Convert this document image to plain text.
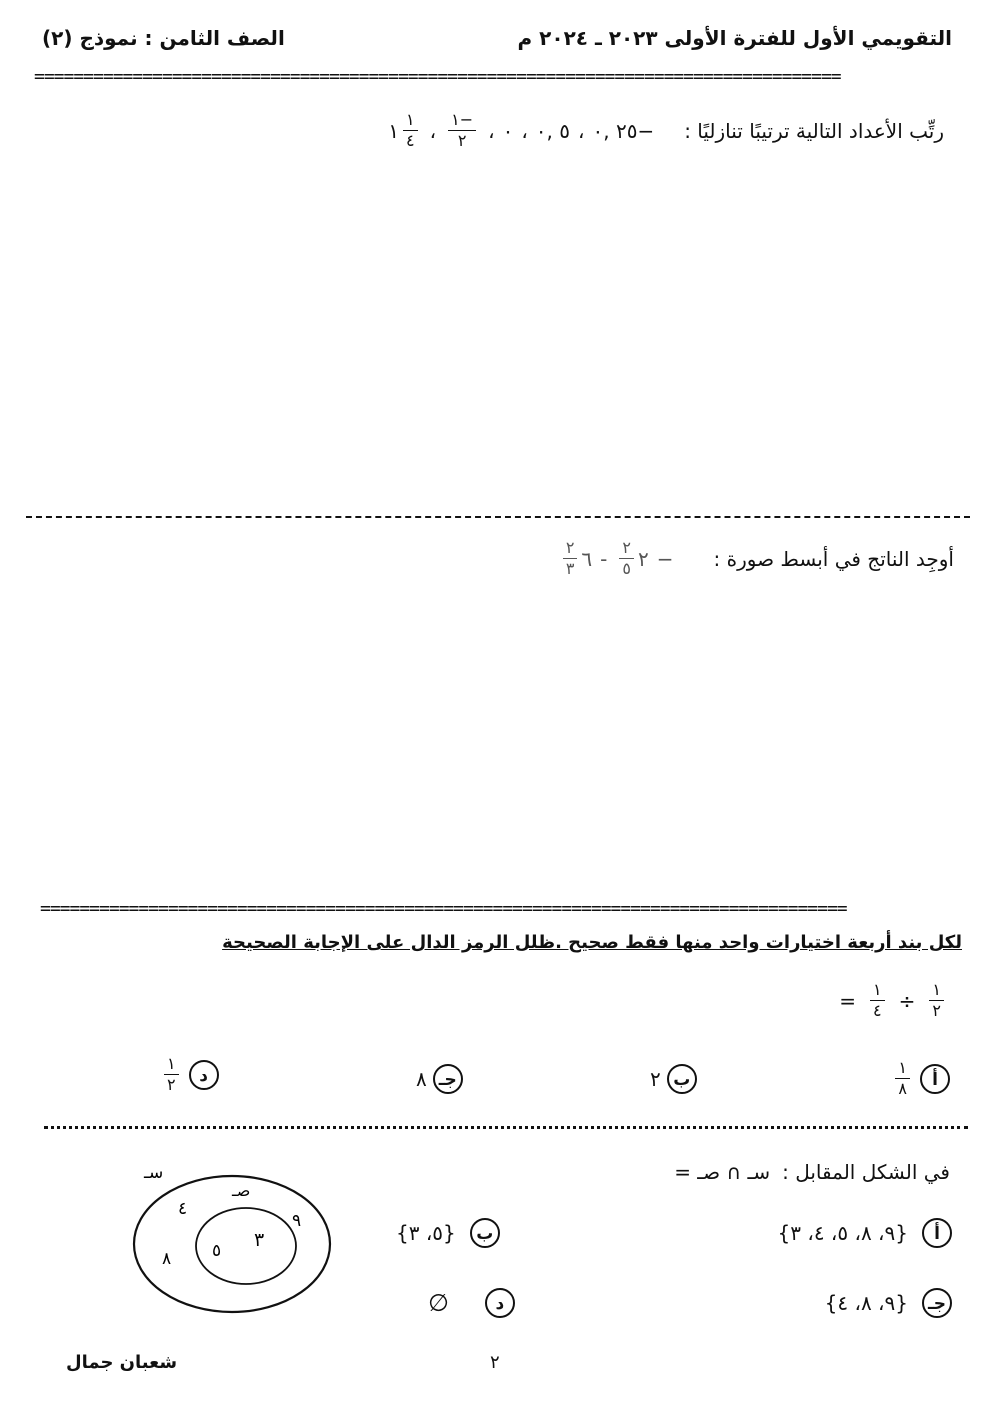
التقويمي الأول للفترة الأولى ٢٠٢٣ ـ ٢٠٢٤ م
الصف الثامن : نموذج (٢)
==================================================================================
رتِّب الأعداد التالية ترتيبًا تنازليًا :
−٢٥ ,٠
،
٥ ,٠
،
٠
،
$\frac{-١}{٢}$
،
$\frac{١}{٤}$
١
أوجِد الناتج في أبسط صورة :
−
٢
$\frac{٢}{٥}$
-
٦
$\frac{٢}{٣}$
==================================================================================
لكل بند أربعة اختيارات واحد منها فقط صحيح .ظلل الرمز الدال على الإجابة الصحيحة
$\frac{١}{٢}$
÷
$\frac{١}{٤}$
=
أ
$\frac{١}{٨}$
ب
٢
جـ
٨
د
$\frac{١}{٢}$
في الشكل المقابل :
سـ ∩ صـ =
أ
{٩، ٨، ٥، ٤، ٣}
ب
{٥، ٣}
جـ
{٩، ٨، ٤}
د
∅
سـ
صـ
٤
٩
٨
٣
٥
شعبان جمال	٢
